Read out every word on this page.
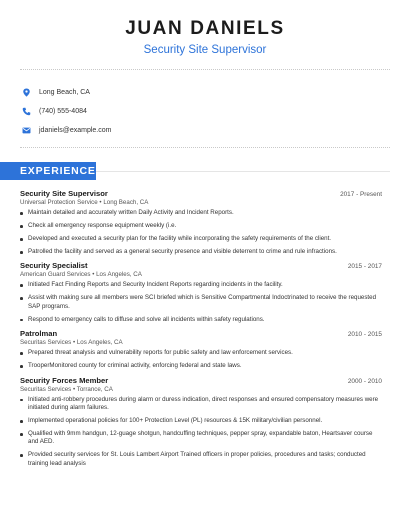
JUAN DANIELS
Security Site Supervisor
Long Beach, CA
(740) 555-4084
jdaniels@example.com
EXPERIENCE
Security Site Supervisor	2017 - Present
Universal Protection Service • Long Beach, CA
Maintain detailed and accurately written Daily Activity and Incident Reports.
Check all emergency response equipment weekly (i.e.
Developed and executed a security plan for the facility while incorporating the safety requirements of the client.
Patrolled the facility and served as a general security presence and visible deterrent to crime and rule infractions.
Security Specialist	2015 - 2017
American Guard Services • Los Angeles, CA
Initiated Fact Finding Reports and Security Incident Reports regarding incidents in the facility.
Assist with making sure all members were SCI briefed which is Sensitive Compartmental Indoctrinated to receive the requested SAP programs.
Respond to emergency calls to diffuse and solve all incidents within safety regulations.
Patrolman	2010 - 2015
Securitas Services • Los Angeles, CA
Prepared threat analysis and vulnerability reports for public safety and law enforcement services.
TrooperMonitored county for criminal activity, enforcing federal and state laws.
Security Forces Member	2000 - 2010
Securitas Services • Torrance, CA
Initiated anti-robbery procedures during alarm or duress indication, direct responses and ensured compensatory measures were initiated during alarm failures.
Implemented operational policies for 100+ Protection Level (PL) resources & 15K military/civilian personnel.
Qualified with 9mm handgun, 12-guage shotgun, handcuffing techniques, pepper spray, expandable baton, Heartsaver course and AED.
Provided security services for St. Louis Lambert Airport Trained officers in proper policies, procedures and tasks; conducted training lead analysis
